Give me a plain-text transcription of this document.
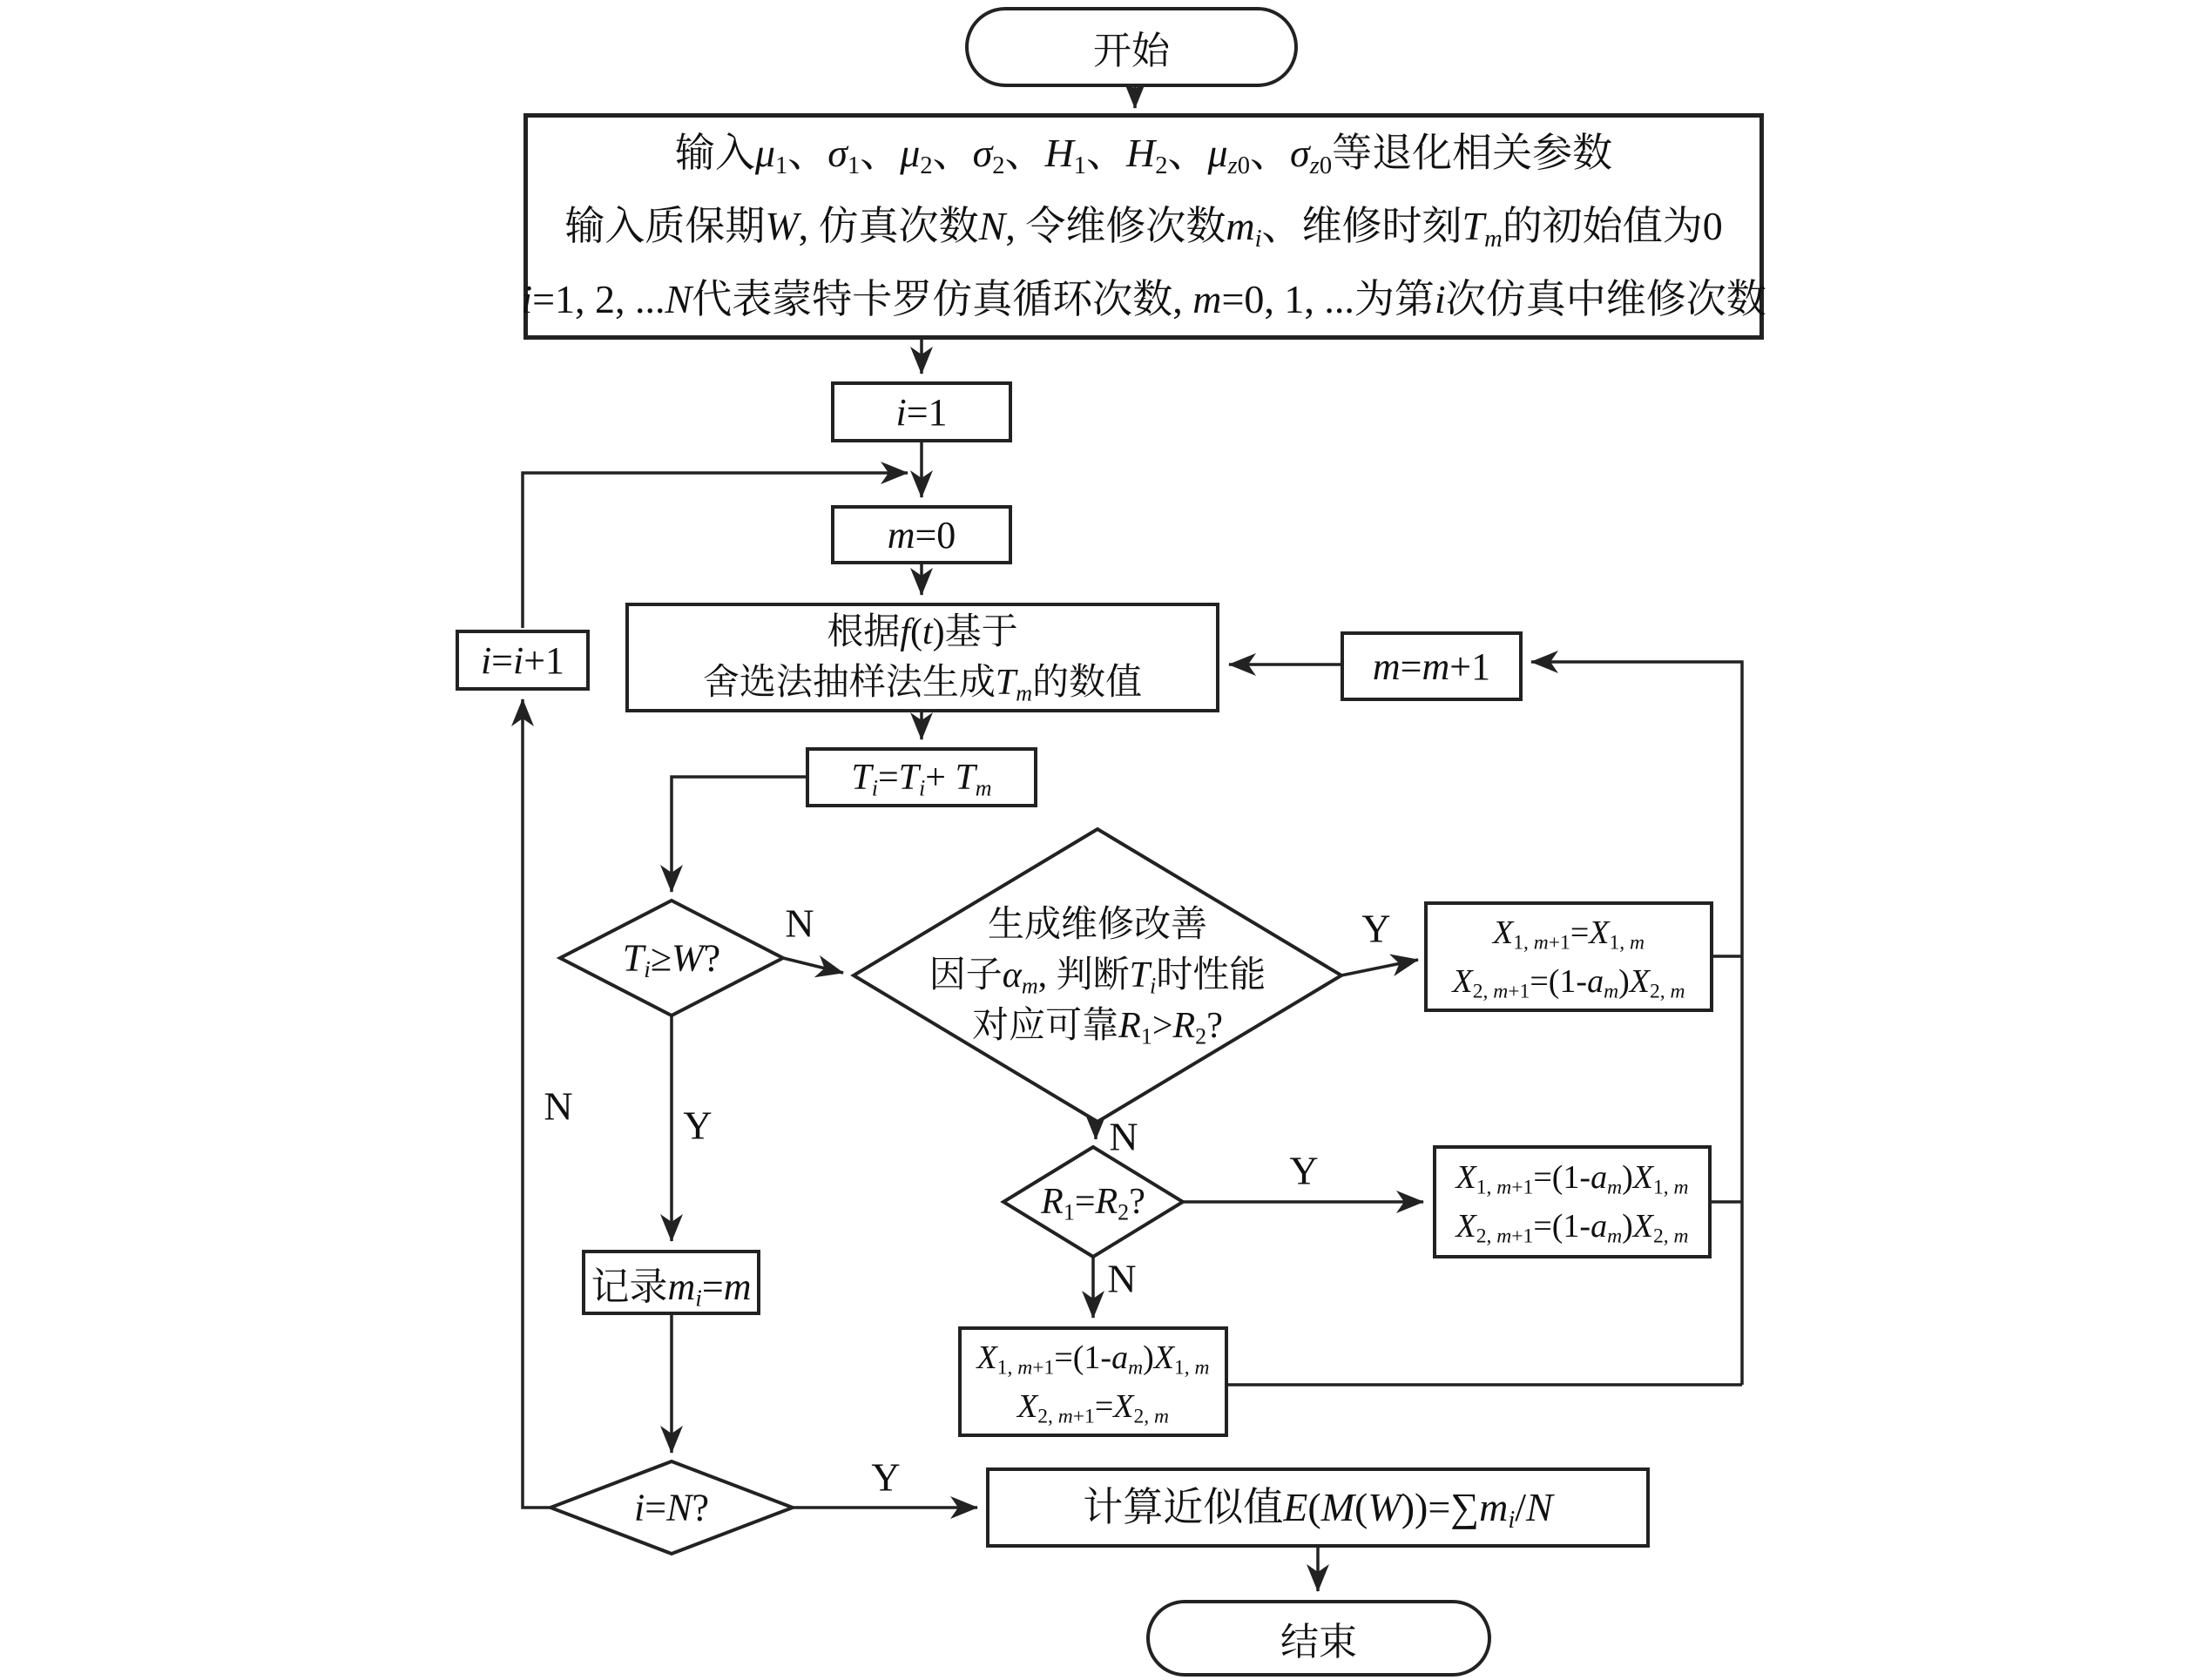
开始
输入$\mu_1$、$\sigma_1$、$\mu_2$、$\sigma_2$、$H_1$、$H_2$、$\mu_{z0}$、$\sigma_{z0}$等退化相关参数
输入质保期W, 仿真次数N, 令维修次数$m_i$、维修时刻$T_m$的初始值为0
i=1, 2, ...N代表蒙特卡罗仿真循环次数, m=0, 1, ...为第i次仿真中维修次数
i=1
m=0
i=i+1
根据f(t)基于
舍选法抽样法生成$T_m$的数值	m=m+1
$T_i=T_i+ T_m$
$T_i\ge W$?
生成维修改善
因子$\alpha_m$, 判断$T_i$时性能
对应可靠$R_1>R_2$?
$X_{1, m+1}=X_{1, m}$
$X_{2, m+1}=(1-a_m)X_{2, m}$
$R_1=R_2$?
$X_{1, m+1}=(1-a_m)X_{1, m}$
$X_{2, m+1}=(1-a_m)X_{2, m}$
$X_{1, m+1}=(1-a_m)X_{1, m}$
$X_{2, m+1}=X_{2, m}$
记录$m_i=m$
i=N?	计算近似值$E(M(W))=\sum m_i/N$
结束
N
Y
Y
N
Y
N
N
Y
